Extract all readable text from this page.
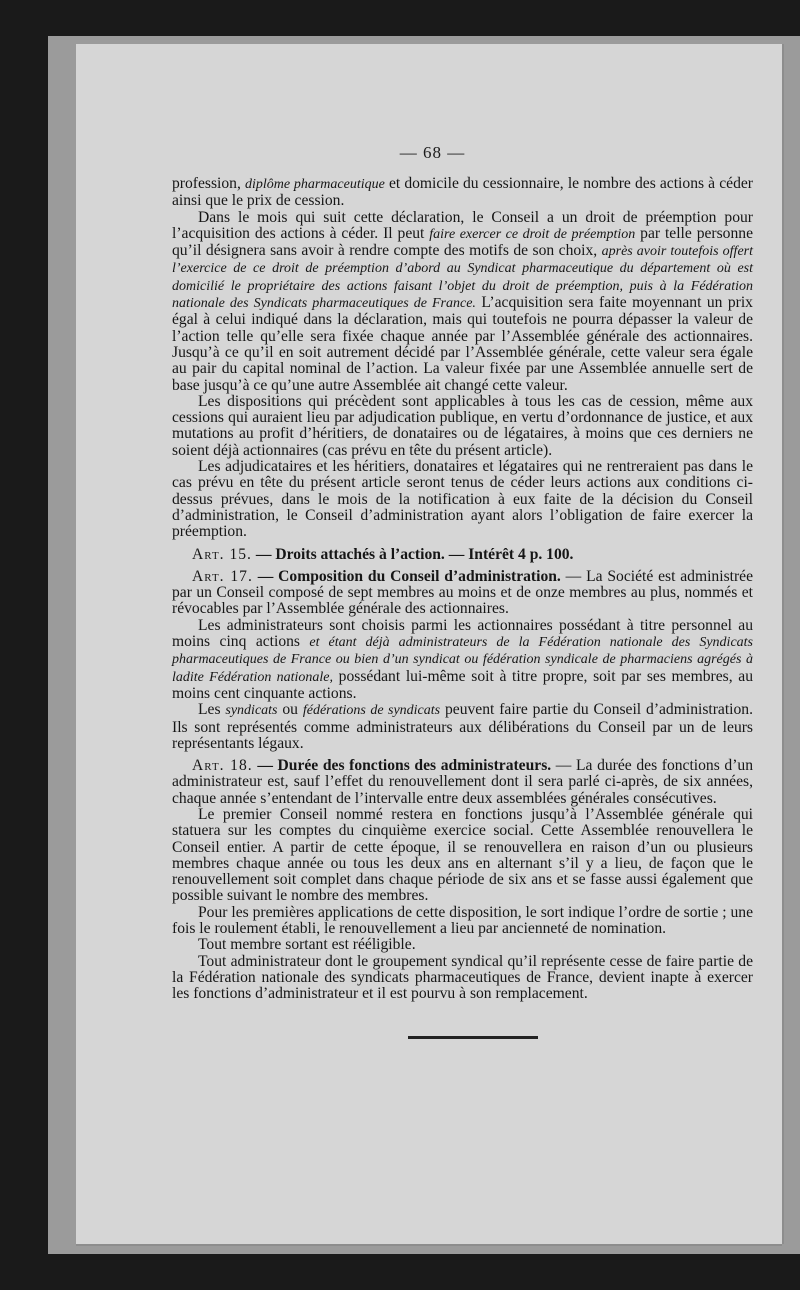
— 68 —

profession, diplôme pharmaceutique et domicile du cessionnaire, le nombre des actions à céder ainsi que le prix de cession.

Dans le mois qui suit cette déclaration, le Conseil a un droit de préemption pour l’acquisition des actions à céder. Il peut faire exercer ce droit de préemption par telle personne qu’il désignera sans avoir à rendre compte des motifs de son choix, après avoir toutefois offert l’exercice de ce droit de préemption d’abord au Syndicat pharmaceutique du département où est domicilié le propriétaire des actions faisant l’objet du droit de préemption, puis à la Fédération nationale des Syndicats pharmaceutiques de France. L’acquisition sera faite moyennant un prix égal à celui indiqué dans la déclaration, mais qui toutefois ne pourra dépasser la valeur de l’action telle qu’elle sera fixée chaque année par l’Assemblée générale des actionnaires. Jusqu’à ce qu’il en soit autrement décidé par l’Assemblée générale, cette valeur sera égale au pair du capital nominal de l’action. La valeur fixée par une Assemblée annuelle sert de base jusqu’à ce qu’une autre Assemblée ait changé cette valeur.

Les dispositions qui précèdent sont applicables à tous les cas de cession, même aux cessions qui auraient lieu par adjudication publique, en vertu d’ordonnance de justice, et aux mutations au profit d’héritiers, de donataires ou de légataires, à moins que ces derniers ne soient déjà actionnaires (cas prévu en tête du présent article).

Les adjudicataires et les héritiers, donataires et légataires qui ne rentreraient pas dans le cas prévu en tête du présent article seront tenus de céder leurs actions aux conditions ci-dessus prévues, dans le mois de la notification à eux faite de la décision du Conseil d’administration, le Conseil d’administration ayant alors l’obligation de faire exercer la préemption.

Art. 15. — Droits attachés à l’action. — Intérêt 4 p. 100.

Art. 17. — Composition du Conseil d’administration. — La Société est administrée par un Conseil composé de sept membres au moins et de onze membres au plus, nommés et révocables par l’Assemblée générale des actionnaires.

Les administrateurs sont choisis parmi les actionnaires possédant à titre personnel au moins cinq actions et étant déjà administrateurs de la Fédération nationale des Syndicats pharmaceutiques de France ou bien d’un syndicat ou fédération syndicale de pharmaciens agrégés à ladite Fédération nationale, possédant lui-même soit à titre propre, soit par ses membres, au moins cent cinquante actions.

Les syndicats ou fédérations de syndicats peuvent faire partie du Conseil d’administration. Ils sont représentés comme administrateurs aux délibérations du Conseil par un de leurs représentants légaux.

Art. 18. — Durée des fonctions des administrateurs. — La durée des fonctions d’un administrateur est, sauf l’effet du renouvellement dont il sera parlé ci-après, de six années, chaque année s’entendant de l’intervalle entre deux assemblées générales consécutives.

Le premier Conseil nommé restera en fonctions jusqu’à l’Assemblée générale qui statuera sur les comptes du cinquième exercice social. Cette Assemblée renouvellera le Conseil entier. A partir de cette époque, il se renouvellera en raison d’un ou plusieurs membres chaque année ou tous les deux ans en alternant s’il y a lieu, de façon que le renouvellement soit complet dans chaque période de six ans et se fasse aussi également que possible suivant le nombre des membres.

Pour les premières applications de cette disposition, le sort indique l’ordre de sortie ; une fois le roulement établi, le renouvellement a lieu par ancienneté de nomination.

Tout membre sortant est rééligible.

Tout administrateur dont le groupement syndical qu’il représente cesse de faire partie de la Fédération nationale des syndicats pharmaceutiques de France, devient inapte à exercer les fonctions d’administrateur et il est pourvu à son remplacement.
